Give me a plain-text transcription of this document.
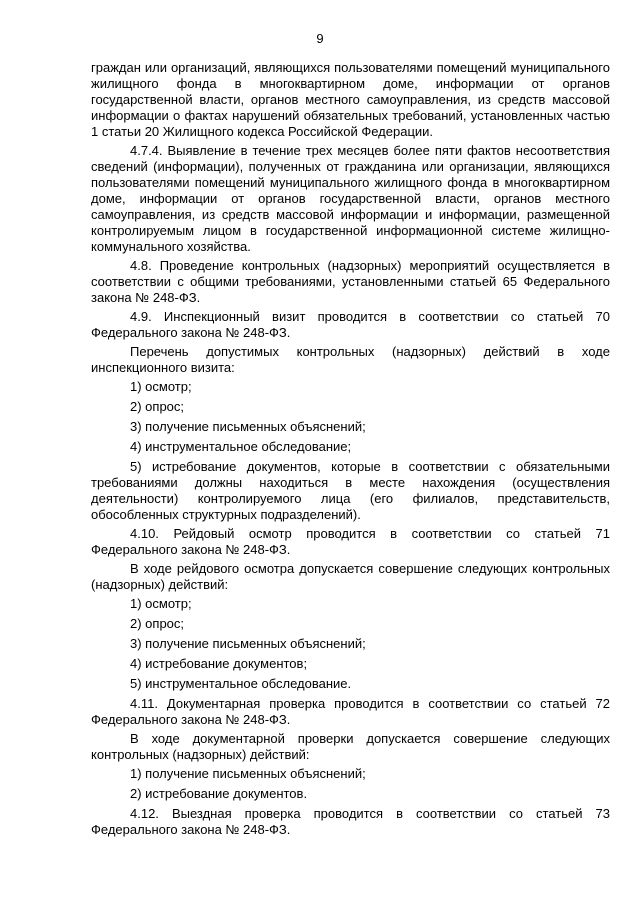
9

граждан или организаций, являющихся пользователями помещений муниципального жилищного фонда в многоквартирном доме, информации от органов государственной власти, органов местного самоуправления, из средств массовой информации о фактах нарушений обязательных требований, установленных частью 1 статьи 20 Жилищного кодекса Российской Федерации.

4.7.4. Выявление в течение трех месяцев более пяти фактов несоответствия сведений (информации), полученных от гражданина или организации, являющихся пользователями помещений муниципального жилищного фонда в многоквартирном доме, информации от органов государственной власти, органов местного самоуправления, из средств массовой информации и информации, размещенной контролируемым лицом в государственной информационной системе жилищно-коммунального хозяйства.

4.8. Проведение контрольных (надзорных) мероприятий осуществляется в соответствии с общими требованиями, установленными статьей 65 Федерального закона № 248-ФЗ.

4.9. Инспекционный визит проводится в соответствии со статьей 70 Федерального закона № 248-ФЗ.

Перечень допустимых контрольных (надзорных) действий в ходе инспекционного визита:

1) осмотр;

2) опрос;

3) получение письменных объяснений;

4) инструментальное обследование;

5) истребование документов, которые в соответствии с обязательными требованиями должны находиться в месте нахождения (осуществления деятельности) контролируемого лица (его филиалов, представительств, обособленных структурных подразделений).

4.10. Рейдовый осмотр проводится в соответствии со статьей 71 Федерального закона № 248-ФЗ.

В ходе рейдового осмотра допускается совершение следующих контрольных (надзорных) действий:

1) осмотр;

2) опрос;

3) получение письменных объяснений;

4) истребование документов;

5) инструментальное обследование.

4.11. Документарная проверка проводится в соответствии со статьей 72 Федерального закона № 248-ФЗ.

В ходе документарной проверки допускается совершение следующих контрольных (надзорных) действий:

1) получение письменных объяснений;

2) истребование документов.

4.12. Выездная проверка проводится в соответствии со статьей 73 Федерального закона № 248-ФЗ.
